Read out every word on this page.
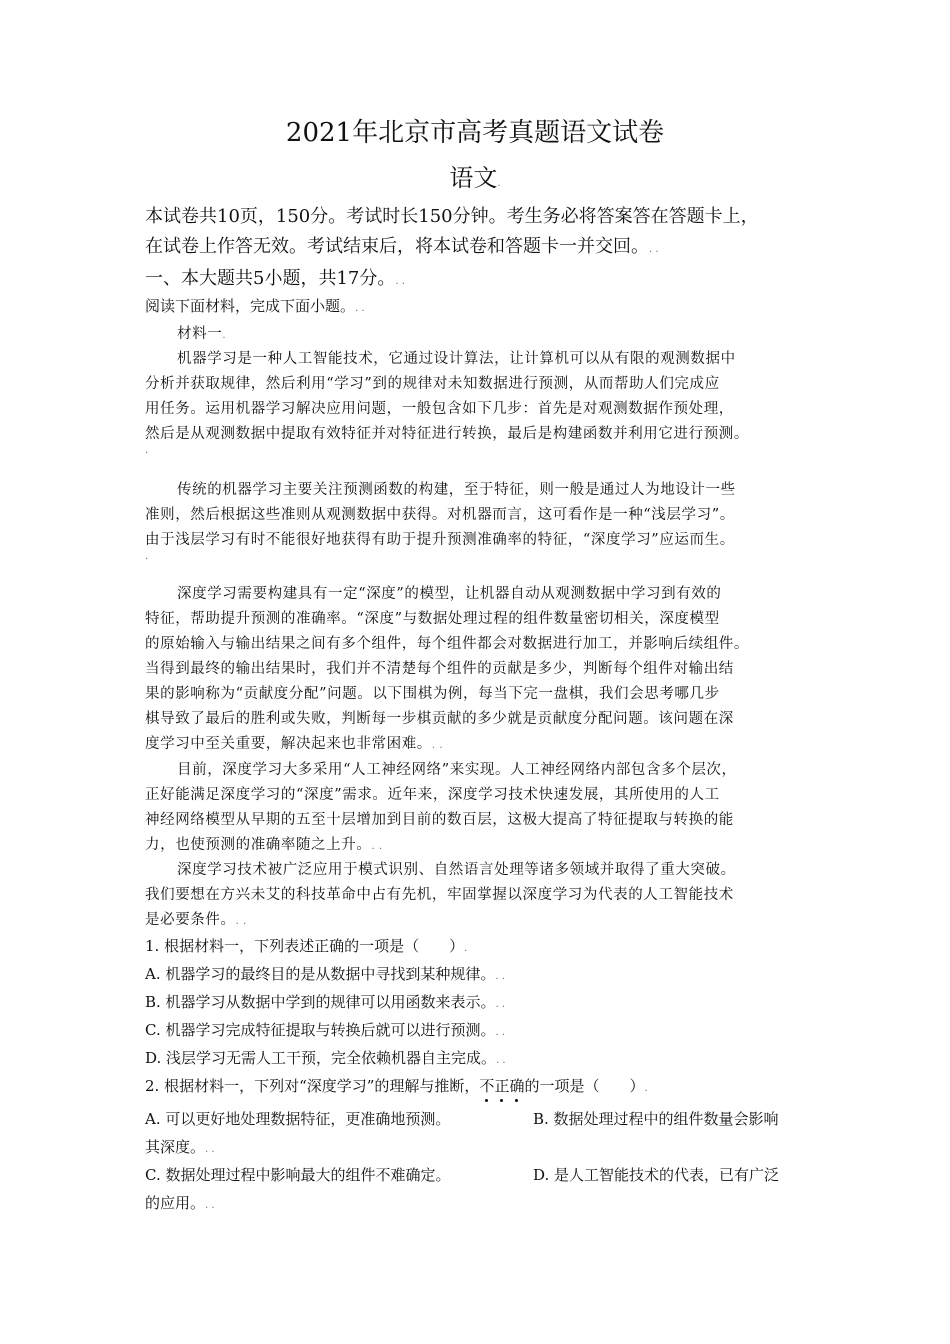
2021年北京市高考真题语文试卷
语文.
本试卷共10页，150分。考试时长150分钟。考生务必将答案答在答题卡上，
在试卷上作答无效。考试结束后，将本试卷和答题卡一并交回。. .
一、本大题共5小题，共17分。. .
阅读下面材料，完成下面小题。. .
材料一.
机器学习是一种人工智能技术，它通过设计算法，让计算机可以从有限的观测数据中
分析并获取规律，然后利用“学习”到的规律对未知数据进行预测，从而帮助人们完成应
用任务。运用机器学习解决应用问题，一般包含如下几步：首先是对观测数据作预处理，
然后是从观测数据中提取有效特征并对特征进行转换，最后是构建函数并利用它进行预测。
.
传统的机器学习主要关注预测函数的构建，至于特征，则一般是通过人为地设计一些
准则，然后根据这些准则从观测数据中获得。对机器而言，这可看作是一种“浅层学习”。
由于浅层学习有时不能很好地获得有助于提升预测准确率的特征，“深度学习”应运而生。
.
深度学习需要构建具有一定“深度”的模型，让机器自动从观测数据中学习到有效的
特征，帮助提升预测的准确率。“深度”与数据处理过程的组件数量密切相关，深度模型
的原始输入与输出结果之间有多个组件，每个组件都会对数据进行加工，并影响后续组件。
当得到最终的输出结果时，我们并不清楚每个组件的贡献是多少，判断每个组件对输出结
果的影响称为“贡献度分配”问题。以下围棋为例，每当下完一盘棋，我们会思考哪几步
棋导致了最后的胜利或失败，判断每一步棋贡献的多少就是贡献度分配问题。该问题在深
度学习中至关重要，解决起来也非常困难。. .
目前，深度学习大多采用“人工神经网络”来实现。人工神经网络内部包含多个层次，
正好能满足深度学习的“深度”需求。近年来，深度学习技术快速发展，其所使用的人工
神经网络模型从早期的五至十层增加到目前的数百层，这极大提高了特征提取与转换的能
力，也使预测的准确率随之上升。. .
深度学习技术被广泛应用于模式识别、自然语言处理等诸多领域并取得了重大突破。
我们要想在方兴未艾的科技革命中占有先机，牢固掌握以深度学习为代表的人工智能技术
是必要条件。. .
1. 根据材料一，下列表述正确的一项是（　　）.
A. 机器学习的最终目的是从数据中寻找到某种规律。. .
B. 机器学习从数据中学到的规律可以用函数来表示。. .
C. 机器学习完成特征提取与转换后就可以进行预测。. .
D. 浅层学习无需人工干预，完全依赖机器自主完成。. .
2. 根据材料一，下列对“深度学习”的理解与推断，不正确的一项是（　　）.
A. 可以更好地处理数据特征，更准确地预测。	B. 数据处理过程中的组件数量会影响
其深度。. .
C. 数据处理过程中影响最大的组件不难确定。	D. 是人工智能技术的代表，已有广泛
的应用。. .
